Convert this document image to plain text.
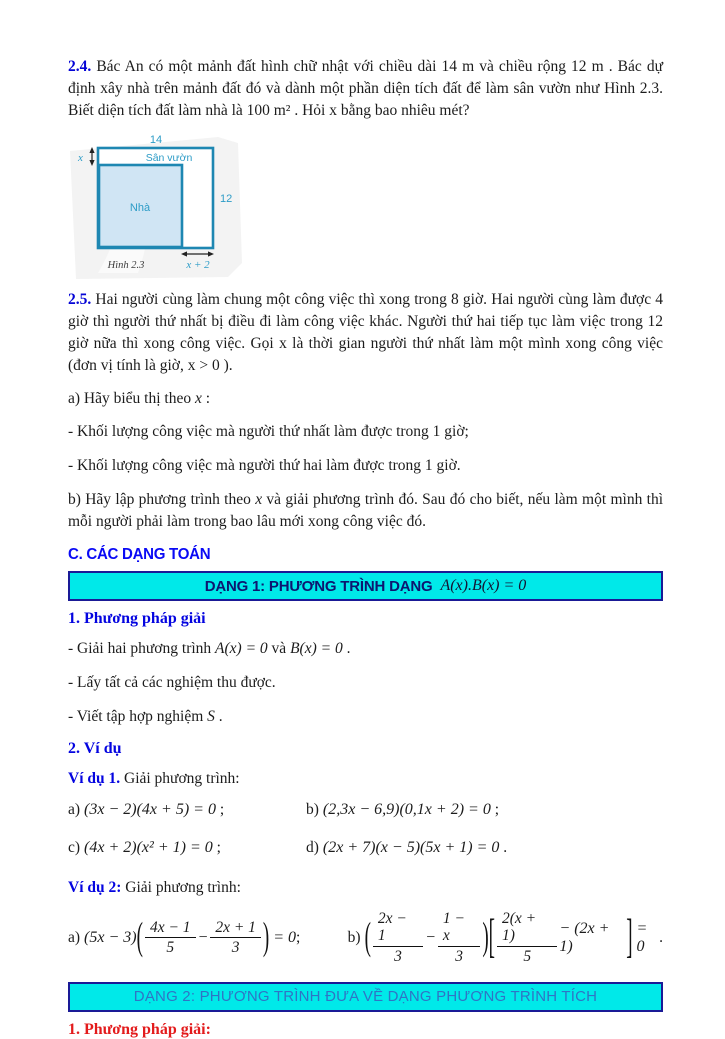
2.4. Bác An có một mảnh đất hình chữ nhật với chiều dài 14 m và chiều rộng 12 m . Bác dự định xây nhà trên mảnh đất đó và dành một phần diện tích đất để làm sân vườn như Hình 2.3. Biết diện tích đất làm nhà là 100 m² . Hỏi x bằng bao nhiêu mét?

14
12
x	Sân vườn
Nhà
x + 2
Hình 2.3

2.5. Hai người cùng làm chung một công việc thì xong trong 8 giờ. Hai người cùng làm được 4 giờ thì người thứ nhất bị điều đi làm công việc khác. Người thứ hai tiếp tục làm việc trong 12 giờ nữa thì xong công việc. Gọi x là thời gian người thứ nhất làm một mình xong công việc (đơn vị tính là giờ, x > 0 ).

a) Hãy biểu thị theo x :

- Khối lượng công việc mà người thứ nhất làm được trong 1 giờ;

- Khối lượng công việc mà người thứ hai làm được trong 1 giờ.

b) Hãy lập phương trình theo x và giải phương trình đó. Sau đó cho biết, nếu làm một mình thì mỗi người phải làm trong bao lâu mới xong công việc đó.

C. CÁC DẠNG TOÁN
DẠNG 1: PHƯƠNG TRÌNH DẠNG A(x).B(x) = 0
1. Phương pháp giải

- Giải hai phương trình A(x) = 0 và B(x) = 0 .

- Lấy tất cả các nghiệm thu được.

- Viết tập hợp nghiệm S .

2. Ví dụ

Ví dụ 1. Giải phương trình:

a) (3x − 2)(4x + 5) = 0 ;	b) (2,3x − 6,9)(0,1x + 2) = 0 ;
c) (4x + 2)(x² + 1) = 0 ;	d) (2x + 7)(x − 5)(5x + 1) = 0 .

Ví dụ 2: Giải phương trình:

a) (5x − 3) ( $\frac{4x - 1}{5} - \frac{2x + 1}{3}$ ) = 0 ;	b) ( $\frac{2x - 1}{3} - \frac{1 - x}{3}$ ) [ $\frac{2(x + 1)}{5} - (2x + 1)$	] = 0
.
DẠNG 2: PHƯƠNG TRÌNH ĐƯA VỀ DẠNG PHƯƠNG TRÌNH TÍCH
1. Phương pháp giải:
